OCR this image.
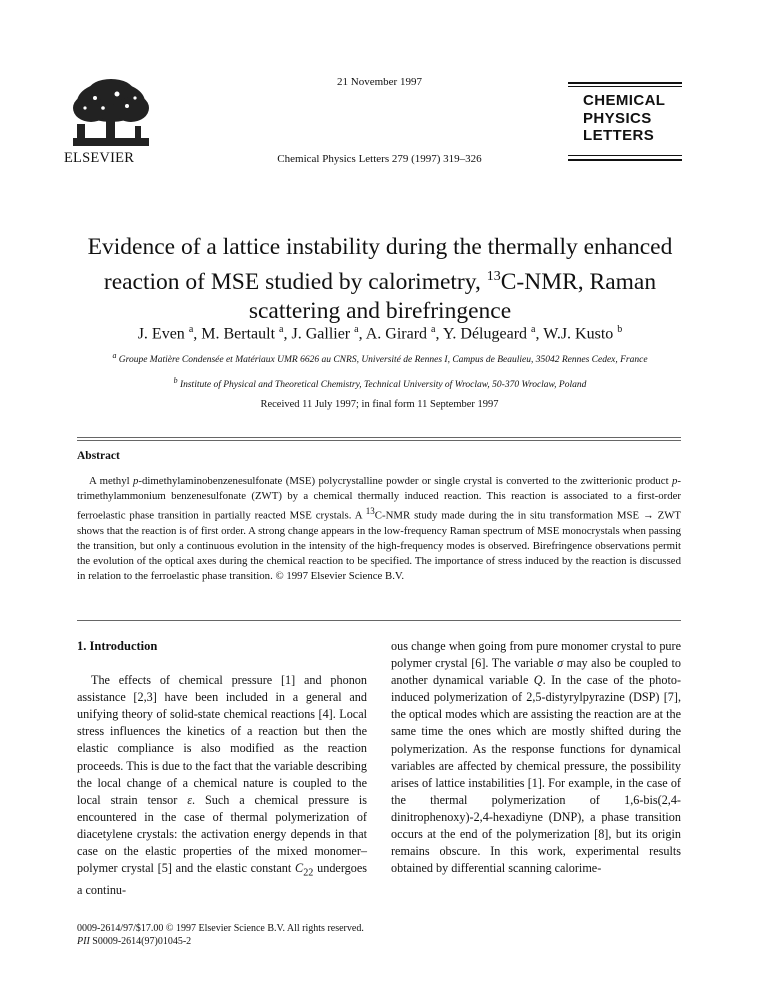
ELSEVIER
21 November 1997
Chemical Physics Letters 279 (1997) 319–326
CHEMICAL
PHYSICS
LETTERS
Evidence of a lattice instability during the thermally enhanced reaction of MSE studied by calorimetry, $^{13}$C-NMR, Raman scattering and birefringence
J. Even $^a$, M. Bertault $^a$, J. Gallier $^a$, A. Girard $^a$, Y. Délugeard $^a$, W.J. Kusto $^b$
$^a$ Groupe Matière Condensée et Matériaux UMR 6626 au CNRS, Université de Rennes I, Campus de Beaulieu, 35042 Rennes Cedex, France
$^b$ Institute of Physical and Theoretical Chemistry, Technical University of Wroclaw, 50-370 Wroclaw, Poland
Received 11 July 1997; in final form 11 September 1997
Abstract
A methyl p-dimethylaminobenzenesulfonate (MSE) polycrystalline powder or single crystal is converted to the zwitterionic product p-trimethylammonium benzenesulfonate (ZWT) by a chemical thermally induced reaction. This reaction is associated to a first-order ferroelastic phase transition in partially reacted MSE crystals. A $^{13}$C-NMR study made during the in situ transformation MSE → ZWT shows that the reaction is of first order. A strong change appears in the low-frequency Raman spectrum of MSE monocrystals when passing the transition, but only a continuous evolution in the intensity of the high-frequency modes is observed. Birefringence observations permit the evolution of the optical axes during the chemical reaction to be specified. The importance of stress induced by the reaction is discussed in relation to the ferroelastic phase transition. © 1997 Elsevier Science B.V.
1. Introduction
The effects of chemical pressure [1] and phonon assistance [2,3] have been included in a general and unifying theory of solid-state chemical reactions [4]. Local stress influences the kinetics of a reaction but then the elastic compliance is also modified as the reaction proceeds. This is due to the fact that the variable describing the local change of a chemical nature is coupled to the local strain tensor ε. Such a chemical pressure is encountered in the case of thermal polymerization of diacetylene crystals: the activation energy depends in that case on the elastic properties of the mixed monomer–polymer crystal [5] and the elastic constant $C_{22}$ undergoes a continu-
ous change when going from pure monomer crystal to pure polymer crystal [6]. The variable σ may also be coupled to another dynamical variable Q. In the case of the photo-induced polymerization of 2,5-distyrylpyrazine (DSP) [7], the optical modes which are assisting the reaction are at the same time the ones which are mostly shifted during the polymerization. As the response functions for dynamical variables are affected by chemical pressure, the possibility arises of lattice instabilities [1]. For example, in the case of the thermal polymerization of 1,6-bis(2,4-dinitrophenoxy)-2,4-hexadiyne (DNP), a phase transition occurs at the end of the polymerization [8], but its origin remains obscure. In this work, experimental results obtained by differential scanning calorime-
0009-2614/97/$17.00 © 1997 Elsevier Science B.V. All rights reserved.
PII S0009-2614(97)01045-2
